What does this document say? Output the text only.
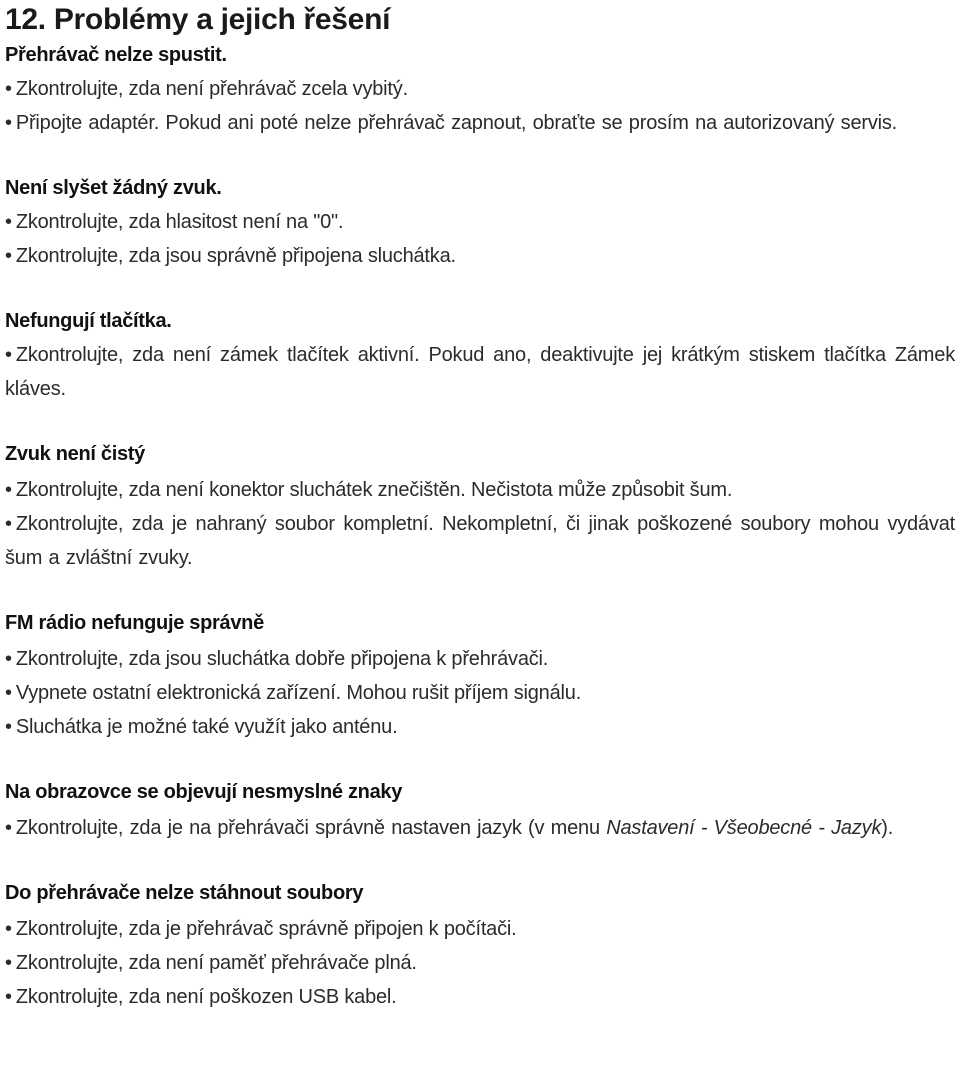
12. Problémy a jejich řešení
Přehrávač nelze spustit.

• Zkontrolujte, zda není přehrávač zcela vybitý.

• Připojte adaptér. Pokud ani poté nelze přehrávač zapnout, obraťte se prosím na autorizovaný servis.

Není slyšet žádný zvuk.

• Zkontrolujte, zda hlasitost není na "0".

• Zkontrolujte, zda jsou správně připojena sluchátka.

Nefungují tlačítka.

• Zkontrolujte, zda není zámek tlačítek aktivní. Pokud ano, deaktivujte jej krátkým stiskem tlačítka Zámek kláves.

Zvuk není čistý

• Zkontrolujte, zda není konektor sluchátek znečištěn. Nečistota může způsobit šum.

• Zkontrolujte, zda je nahraný soubor kompletní. Nekompletní, či jinak poškozené soubory mohou vydávat šum a zvláštní zvuky.

FM rádio nefunguje správně

• Zkontrolujte, zda jsou sluchátka dobře připojena k přehrávači.

• Vypnete ostatní elektronická zařízení. Mohou rušit příjem signálu.

• Sluchátka je možné také využít jako anténu.

Na obrazovce se objevují nesmyslné znaky

• Zkontrolujte, zda je na přehrávači správně nastaven jazyk (v menu Nastavení - Všeobecné - Jazyk).

Do přehrávače nelze stáhnout soubory

• Zkontrolujte, zda je přehrávač správně připojen k počítači.

• Zkontrolujte, zda není paměť přehrávače plná.

• Zkontrolujte, zda není poškozen USB kabel.
